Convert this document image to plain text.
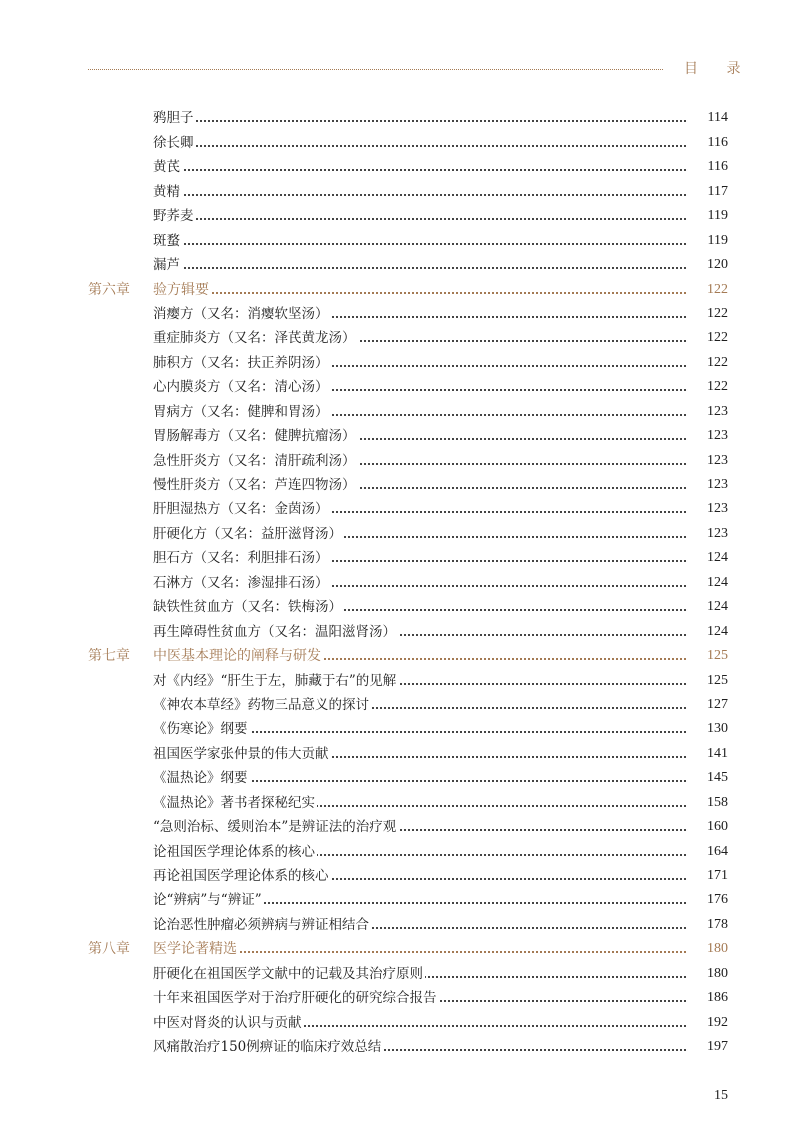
目 录
鸦胆子	114
徐长卿	116
黄芪	116
黄精	117
野荞麦	119
斑蝥	119
漏芦	120
第六章 验方辑要	122
消瘿方（又名：消瘿软坚汤）	122
重症肺炎方（又名：泽芪黄龙汤）	122
肺积方（又名：扶正养阴汤）	122
心内膜炎方（又名：清心汤）	122
胃病方（又名：健脾和胃汤）	123
胃肠解毒方（又名：健脾抗瘤汤）	123
急性肝炎方（又名：清肝疏利汤）	123
慢性肝炎方（又名：芦连四物汤）	123
肝胆湿热方（又名：金茵汤）	123
肝硬化方（又名：益肝滋肾汤）	123
胆石方（又名：利胆排石汤）	124
石淋方（又名：渗湿排石汤）	124
缺铁性贫血方（又名：铁梅汤）	124
再生障碍性贫血方（又名：温阳滋肾汤）	124
第七章 中医基本理论的阐释与研发	125
对《内经》“肝生于左，肺藏于右”的见解	125
《神农本草经》药物三品意义的探讨	127
《伤寒论》纲要	130
祖国医学家张仲景的伟大贡献	141
《温热论》纲要	145
《温热论》著书者探秘纪实	158
“急则治标、缓则治本”是辨证法的治疗观	160
论祖国医学理论体系的核心	164
再论祖国医学理论体系的核心	171
论“辨病”与“辨证”	176
论治恶性肿瘤必须辨病与辨证相结合	178
第八章 医学论著精选	180
肝硬化在祖国医学文献中的记载及其治疗原则	180
十年来祖国医学对于治疗肝硬化的研究综合报告	186
中医对肾炎的认识与贡献	192
风痛散治疗150例痹证的临床疗效总结	197
15
